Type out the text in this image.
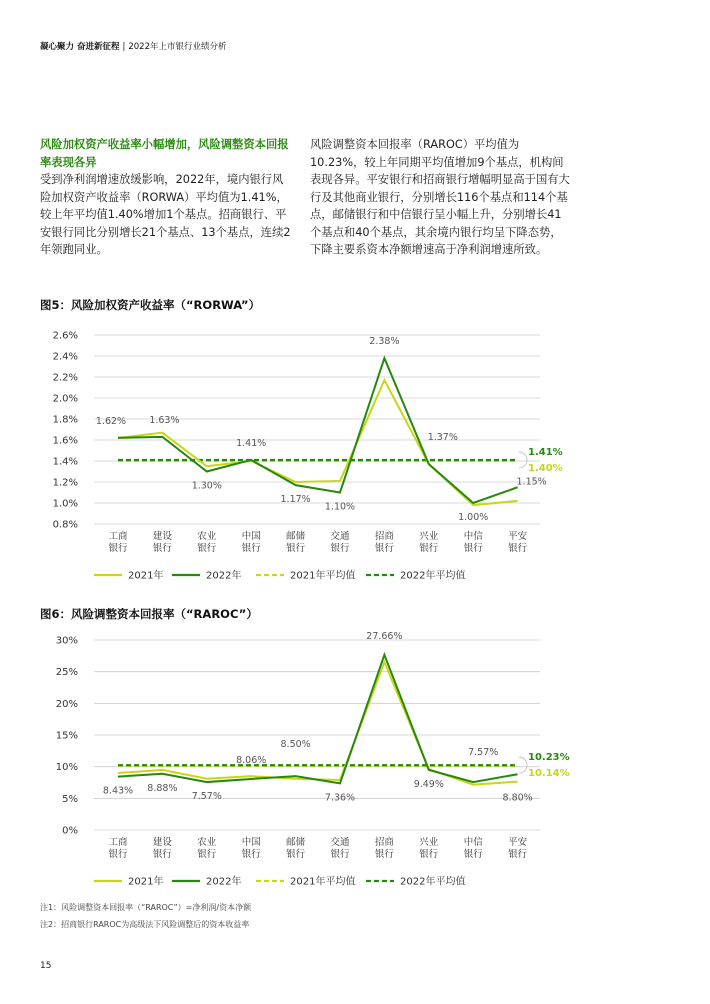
凝心聚力 奋进新征程 | 2022年上市银行业绩分析
风险加权资产收益率小幅增加，风险调整资本回报率表现各异
受到净利润增速放缓影响，2022年，境内银行风险加权资产收益率（RORWA）平均值为1.41%，较上年平均值1.40%增加1个基点。招商银行、平安银行同比分别增长21个基点、13个基点，连续2年领跑同业。
风险调整资本回报率（RAROC）平均值为10.23%，较上年同期平均值增加9个基点，机构间表现各异。平安银行和招商银行增幅明显高于国有大行及其他商业银行，分别增长116个基点和114个基点，邮储银行和中信银行呈小幅上升，分别增长41个基点和40个基点，其余境内银行均呈下降态势，下降主要系资本净额增速高于净利润增速所致。
图5：风险加权资产收益率（“RORWA”）
2.6%
2.4%
2.2%
2.0%
1.8%
1.6%
1.4%
1.2%
1.0%
0.8%
工商
银行
建设
银行
农业
银行
中国
银行
邮储
银行
交通
银行
招商
银行
兴业
银行
中信
银行
平安
银行
1.62% 1.63%
1.30%
1.41%
1.17%
1.10%
2.38%
1.37%
1.00%
1.15%
1.41%
1.40%
2021年	2022年	2021年平均值	2022年平均值
图6：风险调整资本回报率（“RAROC”）
30%
25%
20%
15%
10%
5%
0%
工商
银行
建设
银行
农业
银行
中国
银行
邮储
银行
交通
银行
招商
银行
兴业
银行
中信
银行
平安
银行
8.43% 8.88%
7.57%
8.06%
8.50%
7.36%
27.66%
9.49%
7.57%
8.80%
10.23%
10.14%
2021年	2022年	2021年平均值	2022年平均值
注1：风险调整资本回报率（“RAROC”）=净利润/资本净额
注2：招商银行RAROC为高级法下风险调整后的资本收益率
15
